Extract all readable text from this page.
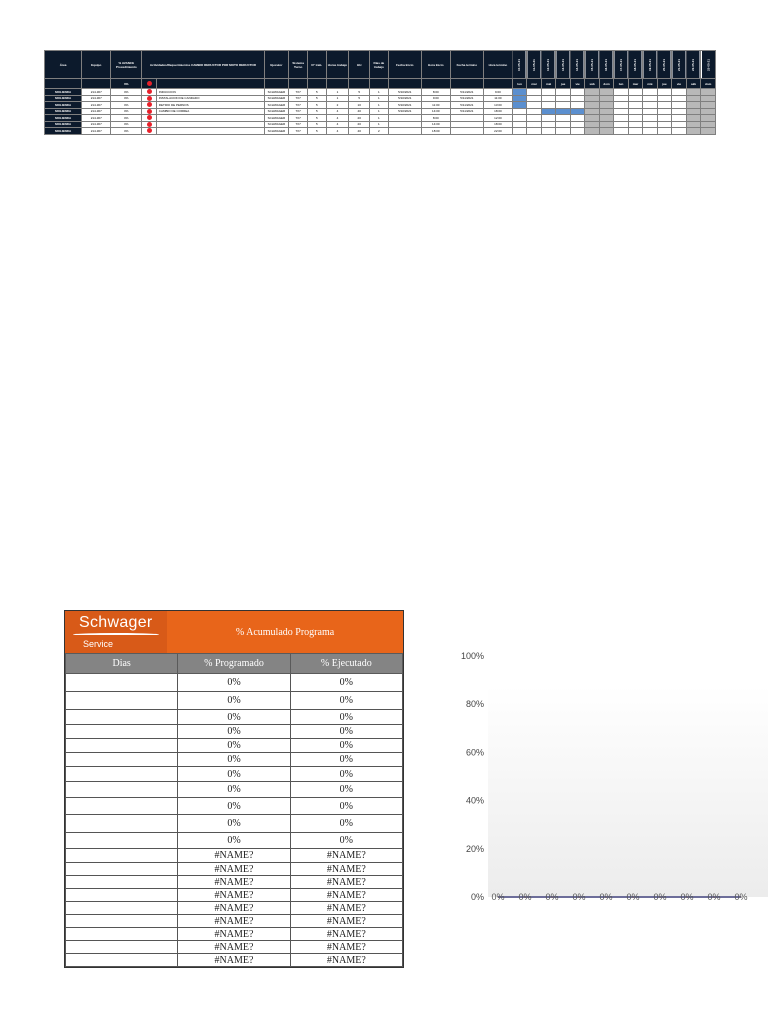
Área	Equipo	% AVANCE Procedimiento	Actividades/Requerimientos CAMBIO REDUCTOR POR MOTO REDUCTOR		Ejecutor	Sistema Turno	N° trab.	Horas trabajo	HH	Días de trabajo	Fecha Inicio	Hora Inicio	Fecha termino	Hora termino	10-05-21	11-05-21	12-05-21	13-05-21	14-05-21	15-05-21	16-05-21	17-05-21	18-05-21	19-05-21	20-05-21	21-05-21	22-05-21	23-05-21
		0%													lun	mar	mié	jue	vie	sáb	dom	lun	mar	mié	jue	vie	sáb	dom
MOLIENDA	214-307	0%		INDUCCION	SCHWAGER	7X7	5	1	5	1	5/10/2021	8:00	5/11/2021	9:00														
MOLIENDA	214-307	0%		INSTALACION DE CANDADO	SCHWAGER	7X7	5	1	5	1	5/10/2021	9:00	5/11/2021	11:00														
MOLIENDA	214-307	0%		RETIRO DE PERNOS	SCHWAGER	7X7	5	2	10	1	5/10/2021	11:00	5/11/2021	13:00														
MOLIENDA	214-307	0%		CAMBIO DE CORREA	SCHWAGER	7X7	5	4	40	1	5/10/2021	14:00	5/11/2021	18:00														
MOLIENDA	214-307	0%			SCHWAGER	7X7	5	4	20	1		8:00		12:00														
MOLIENDA	214-307	0%			SCHWAGER	7X7	5	4	20	1		14:00		18:00														
MOLIENDA	214-307	0%			SCHWAGER	7X7	5	4	40	2		18:00		22:00														
Schwager
Service
% Acumulado Programa
Dias	% Programado	% Ejecutado
	0%	0%
	0%	0%
	0%	0%
	0%	0%
	0%	0%
	0%	0%
	0%	0%
	0%	0%
	0%	0%
	0%	0%
	0%	0%
	#NAME?	#NAME?
	#NAME?	#NAME?
	#NAME?	#NAME?
	#NAME?	#NAME?
	#NAME?	#NAME?
	#NAME?	#NAME?
	#NAME?	#NAME?
	#NAME?	#NAME?
	#NAME?	#NAME?
100%
80%
60%
40%
20%
0% 0% 0% 0% 0% 0% 0% 0% 0% 0% 0%
